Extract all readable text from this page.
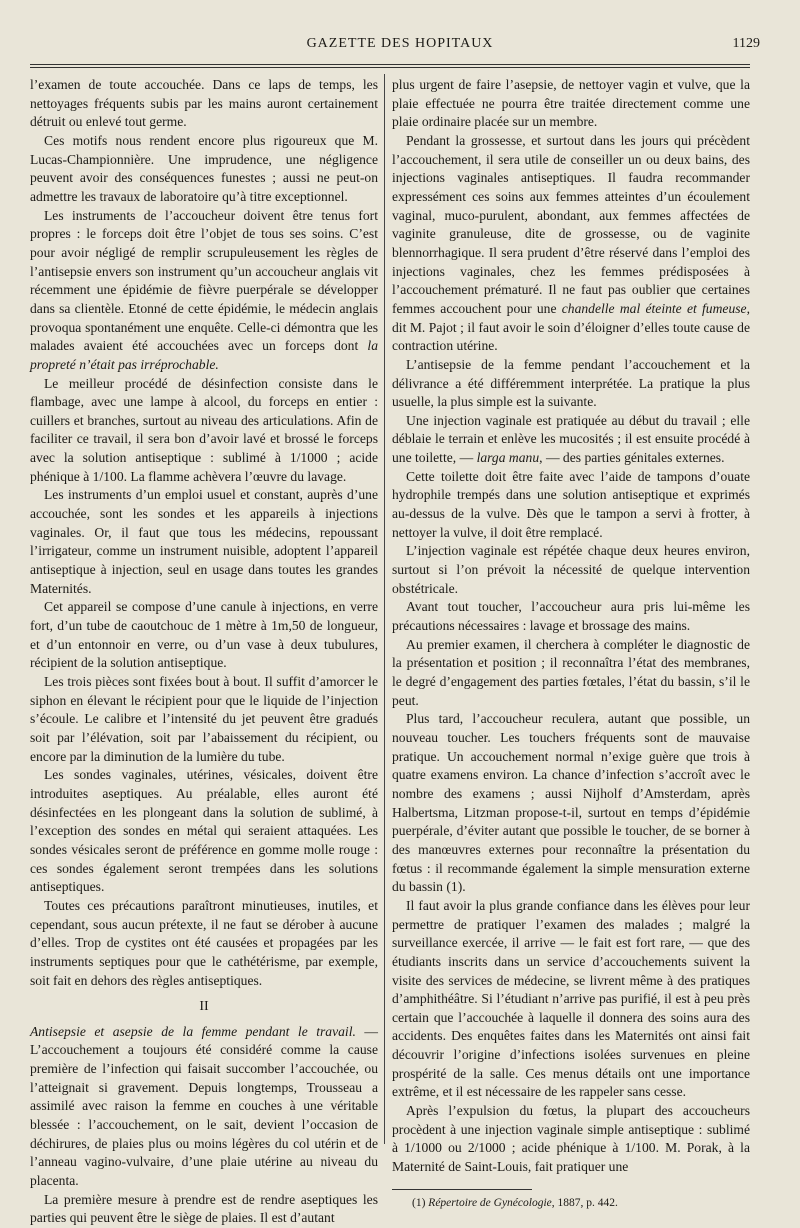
GAZETTE DES HOPITAUX	1129

l’examen de toute accouchée. Dans ce laps de temps, les nettoyages fréquents subis par les mains auront certainement détruit ou enlevé tout germe.

Ces motifs nous rendent encore plus rigoureux que M. Lucas-Championnière. Une imprudence, une négligence peuvent avoir des conséquences funestes ; aussi ne peut-on admettre les travaux de laboratoire qu’à titre exceptionnel.

Les instruments de l’accoucheur doivent être tenus fort propres : le forceps doit être l’objet de tous ses soins. C’est pour avoir négligé de remplir scrupuleusement les règles de l’antisepsie envers son instrument qu’un accoucheur anglais vit récemment une épidémie de fièvre puerpérale se développer dans sa clientèle. Etonné de cette épidémie, le médecin anglais provoqua spontanément une enquête. Celle-ci démontra que les malades avaient été accouchées avec un forceps dont la propreté n’était pas irréprochable.

Le meilleur procédé de désinfection consiste dans le flambage, avec une lampe à alcool, du forceps en entier : cuillers et branches, surtout au niveau des articulations. Afin de faciliter ce travail, il sera bon d’avoir lavé et brossé le forceps avec la solution antiseptique : sublimé à 1/1000 ; acide phénique à 1/100. La flamme achèvera l’œuvre du lavage.

Les instruments d’un emploi usuel et constant, auprès d’une accouchée, sont les sondes et les appareils à injections vaginales. Or, il faut que tous les médecins, repoussant l’irrigateur, comme un instrument nuisible, adoptent l’appareil antiseptique à injection, seul en usage dans toutes les grandes Maternités.

Cet appareil se compose d’une canule à injections, en verre fort, d’un tube de caoutchouc de 1 mètre à 1m,50 de longueur, et d’un entonnoir en verre, ou d’un vase à deux tubulures, récipient de la solution antiseptique.

Les trois pièces sont fixées bout à bout. Il suffit d’amorcer le siphon en élevant le récipient pour que le liquide de l’injection s’écoule. Le calibre et l’intensité du jet peuvent être gradués soit par l’élévation, soit par l’abaissement du récipient, ou encore par la diminution de la lumière du tube.

Les sondes vaginales, utérines, vésicales, doivent être introduites aseptiques. Au préalable, elles auront été désinfectées en les plongeant dans la solution de sublimé, à l’exception des sondes en métal qui seraient attaquées. Les sondes vésicales seront de préférence en gomme molle rouge : ces sondes également seront trempées dans les solutions antiseptiques.

Toutes ces précautions paraîtront minutieuses, inutiles, et cependant, sous aucun prétexte, il ne faut se dérober à aucune d’elles. Trop de cystites ont été causées et propagées par les instruments septiques pour que le cathétérisme, par exemple, soit fait en dehors des règles antiseptiques.

II

Antisepsie et asepsie de la femme pendant le travail. — L’accouchement a toujours été considéré comme la cause première de l’infection qui faisait succomber l’accouchée, ou l’atteignait si gravement. Depuis longtemps, Trousseau a assimilé avec raison la femme en couches à une véritable blessée : l’accouchement, on le sait, devient l’occasion de déchirures, de plaies plus ou moins légères du col utérin et de l’anneau vagino-vulvaire, d’une plaie utérine au niveau du placenta.

La première mesure à prendre est de rendre aseptiques les parties qui peuvent être le siège de plaies. Il est d’autant

plus urgent de faire l’asepsie, de nettoyer vagin et vulve, que la plaie effectuée ne pourra être traitée directement comme une plaie ordinaire placée sur un membre.

Pendant la grossesse, et surtout dans les jours qui précèdent l’accouchement, il sera utile de conseiller un ou deux bains, des injections vaginales antiseptiques. Il faudra recommander expressément ces soins aux femmes atteintes d’un écoulement vaginal, muco-purulent, abondant, aux femmes affectées de vaginite granuleuse, dite de grossesse, ou de vaginite blennorrhagique. Il sera prudent d’être réservé dans l’emploi des injections vaginales, chez les femmes prédisposées à l’accouchement prématuré. Il ne faut pas oublier que certaines femmes accouchent pour une chandelle mal éteinte et fumeuse, dit M. Pajot ; il faut avoir le soin d’éloigner d’elles toute cause de contraction utérine.

L’antisepsie de la femme pendant l’accouchement et la délivrance a été différemment interprétée. La pratique la plus usuelle, la plus simple est la suivante.

Une injection vaginale est pratiquée au début du travail ; elle déblaie le terrain et enlève les mucosités ; il est ensuite procédé à une toilette, — larga manu, — des parties génitales externes.

Cette toilette doit être faite avec l’aide de tampons d’ouate hydrophile trempés dans une solution antiseptique et exprimés au-dessus de la vulve. Dès que le tampon a servi à frotter, à nettoyer la vulve, il doit être remplacé.

L’injection vaginale est répétée chaque deux heures environ, surtout si l’on prévoit la nécessité de quelque intervention obstétricale.

Avant tout toucher, l’accoucheur aura pris lui-même les précautions nécessaires : lavage et brossage des mains.

Au premier examen, il cherchera à compléter le diagnostic de la présentation et position ; il reconnaîtra l’état des membranes, le degré d’engagement des parties fœtales, l’état du bassin, s’il le peut.

Plus tard, l’accoucheur reculera, autant que possible, un nouveau toucher. Les touchers fréquents sont de mauvaise pratique. Un accouchement normal n’exige guère que trois à quatre examens environ. La chance d’infection s’accroît avec le nombre des examens ; aussi Nijholf d’Amsterdam, après Halbertsma, Litzman propose-t-il, surtout en temps d’épidémie puerpérale, d’éviter autant que possible le toucher, de se borner à des manœuvres externes pour reconnaître la présentation du fœtus : il recommande également la simple mensuration externe du bassin (1).

Il faut avoir la plus grande confiance dans les élèves pour leur permettre de pratiquer l’examen des malades ; malgré la surveillance exercée, il arrive — le fait est fort rare, — que des étudiants inscrits dans un service d’accouchements suivent la visite des services de médecine, se livrent même à des pratiques d’amphithéâtre. Si l’étudiant n’arrive pas purifié, il est à peu près certain que l’accouchée à laquelle il donnera des soins aura des accidents. Des enquêtes faites dans les Maternités ont ainsi fait découvrir l’origine d’infections isolées survenues en pleine prospérité de la salle. Ces menus détails ont une importance extrême, et il est nécessaire de les rappeler sans cesse.

Après l’expulsion du fœtus, la plupart des accoucheurs procèdent à une injection vaginale simple antiseptique : sublimé à 1/1000 ou 2/1000 ; acide phénique à 1/100. M. Porak, à la Maternité de Saint-Louis, fait pratiquer une

(1) Répertoire de Gynécologie, 1887, p. 442.
